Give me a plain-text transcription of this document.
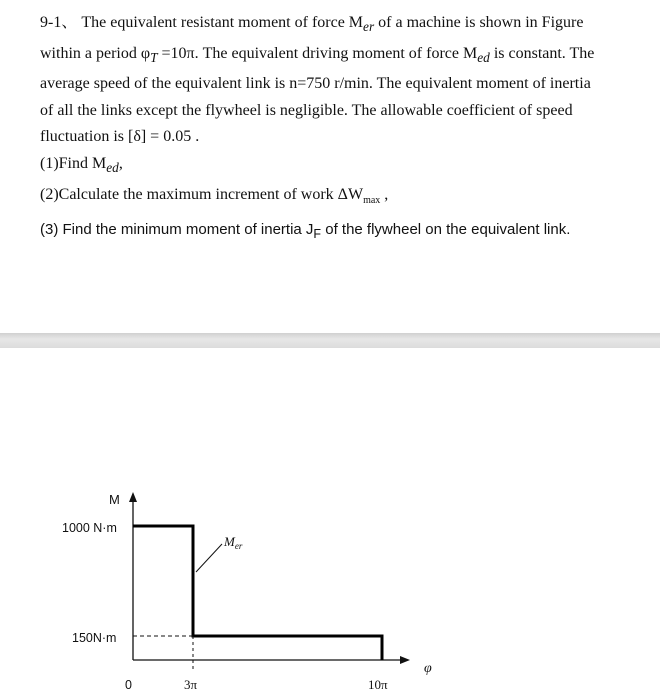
9-1、 The equivalent resistant moment of force $M_{er}$ of a machine is shown in Figure

within a period $\varphi_T =10\pi$. The equivalent driving moment of force $M_{ed}$ is constant. The

average speed of the equivalent link is n=750 r/min. The equivalent moment of inertia

of all the links except the flywheel is negligible. The allowable coefficient of speed

fluctuation is [δ] = 0.05 .

(1)Find $M_{ed}$,

(2)Calculate the maximum increment of work $\Delta W_{max}$ ,

(3) Find the minimum moment of inertia $J_F$ of the flywheel on the equivalent link.

M
φ
$M_{er}$
1000 N·m
150N·m
0	3π	10π
